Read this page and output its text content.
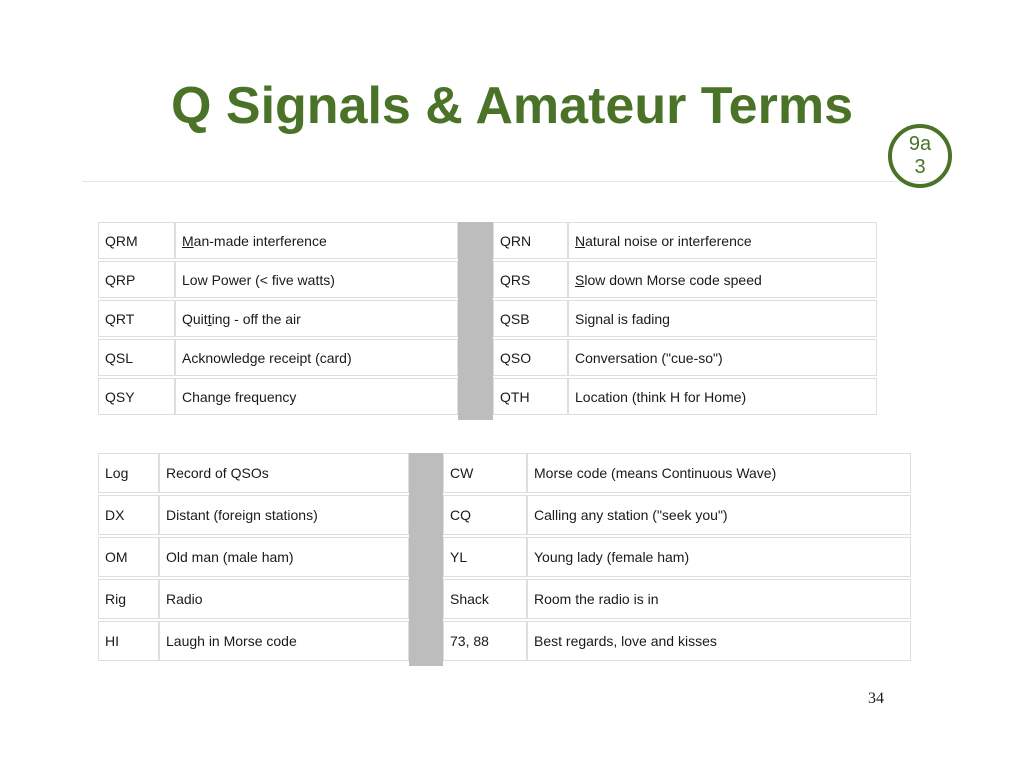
Q Signals & Amateur Terms
9a
3
QRM	M an-made interference	QRN	N atural noise or interference
QRP	Low Power (< five watts)	QRS	S low down Morse code speed
QRT	Quit t ing - off the air	QSB	Signal is fading
QSL	Acknowledge receipt (card)	QSO	Conversation ("cue-so")
QSY	Change frequency	QTH	Location (think H for Home)
Log	Record of QSOs	CW	Morse code (means Continuous Wave)
DX	Distant (foreign stations)	CQ	Calling any station ("seek you")
OM	Old man (male ham)	YL	Young lady (female ham)
Rig	Radio	Shack	Room the radio is in
HI	Laugh in Morse code	73, 88	Best regards, love and kisses
34
